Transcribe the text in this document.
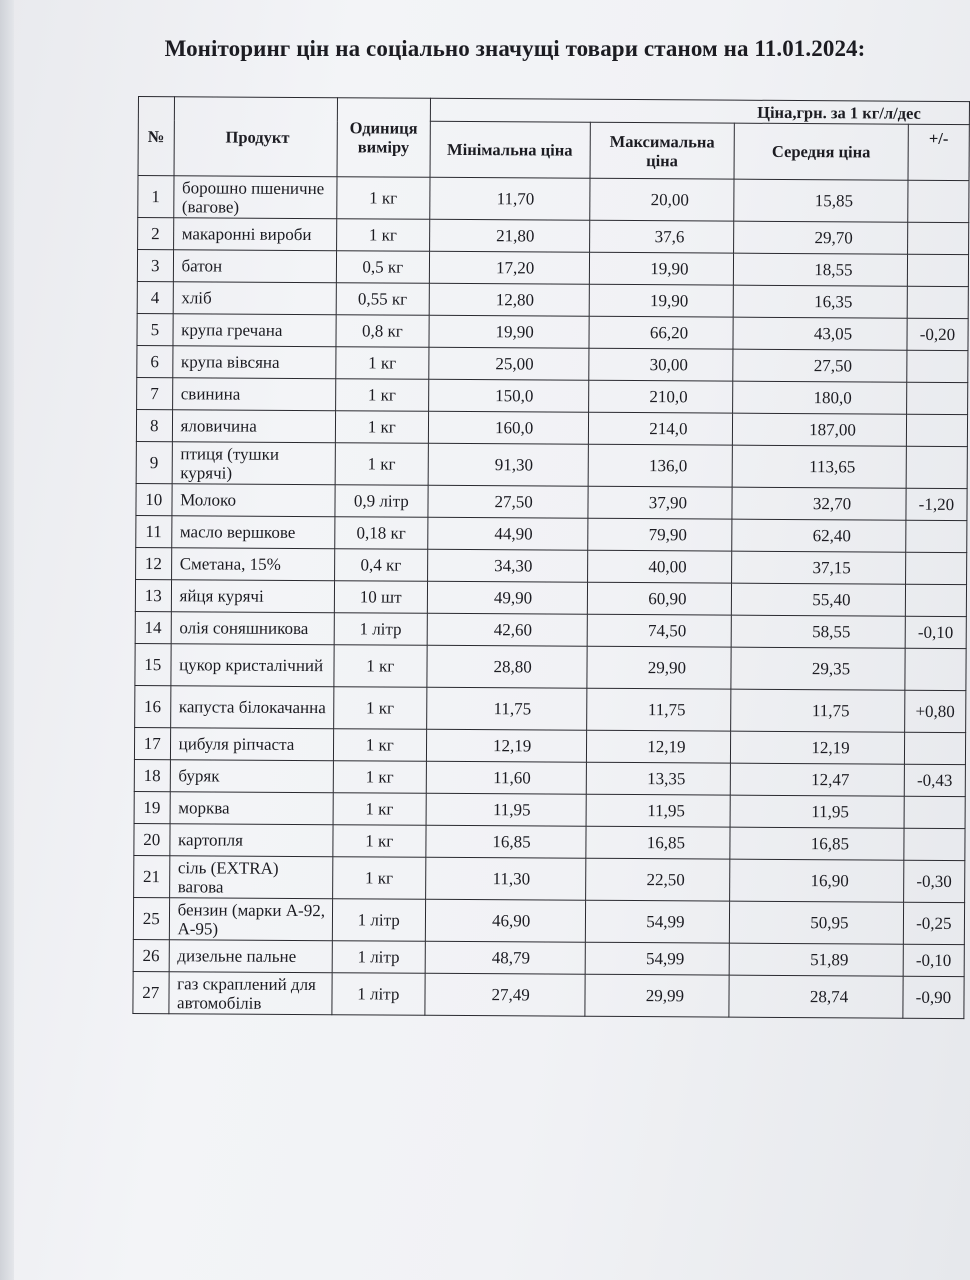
Моніторинг цін на соціально значущі товари станом на 11.01.2024:
№	Продукт	Одиниця виміру	Ціна,грн. за 1 кг/л/дес			
			Мінімальна ціна	Максимальна ціна	Середня ціна	+/-
1	борошно пшеничне (вагове)	1 кг	11,70	20,00	15,85	
2	макаронні вироби	1 кг	21,80	37,6	29,70	
3	батон	0,5 кг	17,20	19,90	18,55	
4	хліб	0,55 кг	12,80	19,90	16,35	
5	крупа гречана	0,8 кг	19,90	66,20	43,05	-0,20
6	крупа вівсяна	1 кг	25,00	30,00	27,50	
7	свинина	1 кг	150,0	210,0	180,0	
8	яловичина	1 кг	160,0	214,0	187,00	
9	птиця (тушки курячі)	1 кг	91,30	136,0	113,65	
10	Молоко	0,9 літр	27,50	37,90	32,70	-1,20
11	масло вершкове	0,18 кг	44,90	79,90	62,40	
12	Сметана, 15%	0,4 кг	34,30	40,00	37,15	
13	яйця курячі	10 шт	49,90	60,90	55,40	
14	олія соняшникова	1 літр	42,60	74,50	58,55	-0,10
15	цукор кристалічний	1 кг	28,80	29,90	29,35	
16	капуста білокачанна	1 кг	11,75	11,75	11,75	+0,80
17	цибуля ріпчаста	1 кг	12,19	12,19	12,19	
18	буряк	1 кг	11,60	13,35	12,47	-0,43
19	морква	1 кг	11,95	11,95	11,95	
20	картопля	1 кг	16,85	16,85	16,85	
21	сіль (EXTRA) вагова	1 кг	11,30	22,50	16,90	-0,30
25	бензин (марки А-92, А-95)	1 літр	46,90	54,99	50,95	-0,25
26	дизельне пальне	1 літр	48,79	54,99	51,89	-0,10
27	газ скраплений для автомобілів	1 літр	27,49	29,99	28,74	-0,90
